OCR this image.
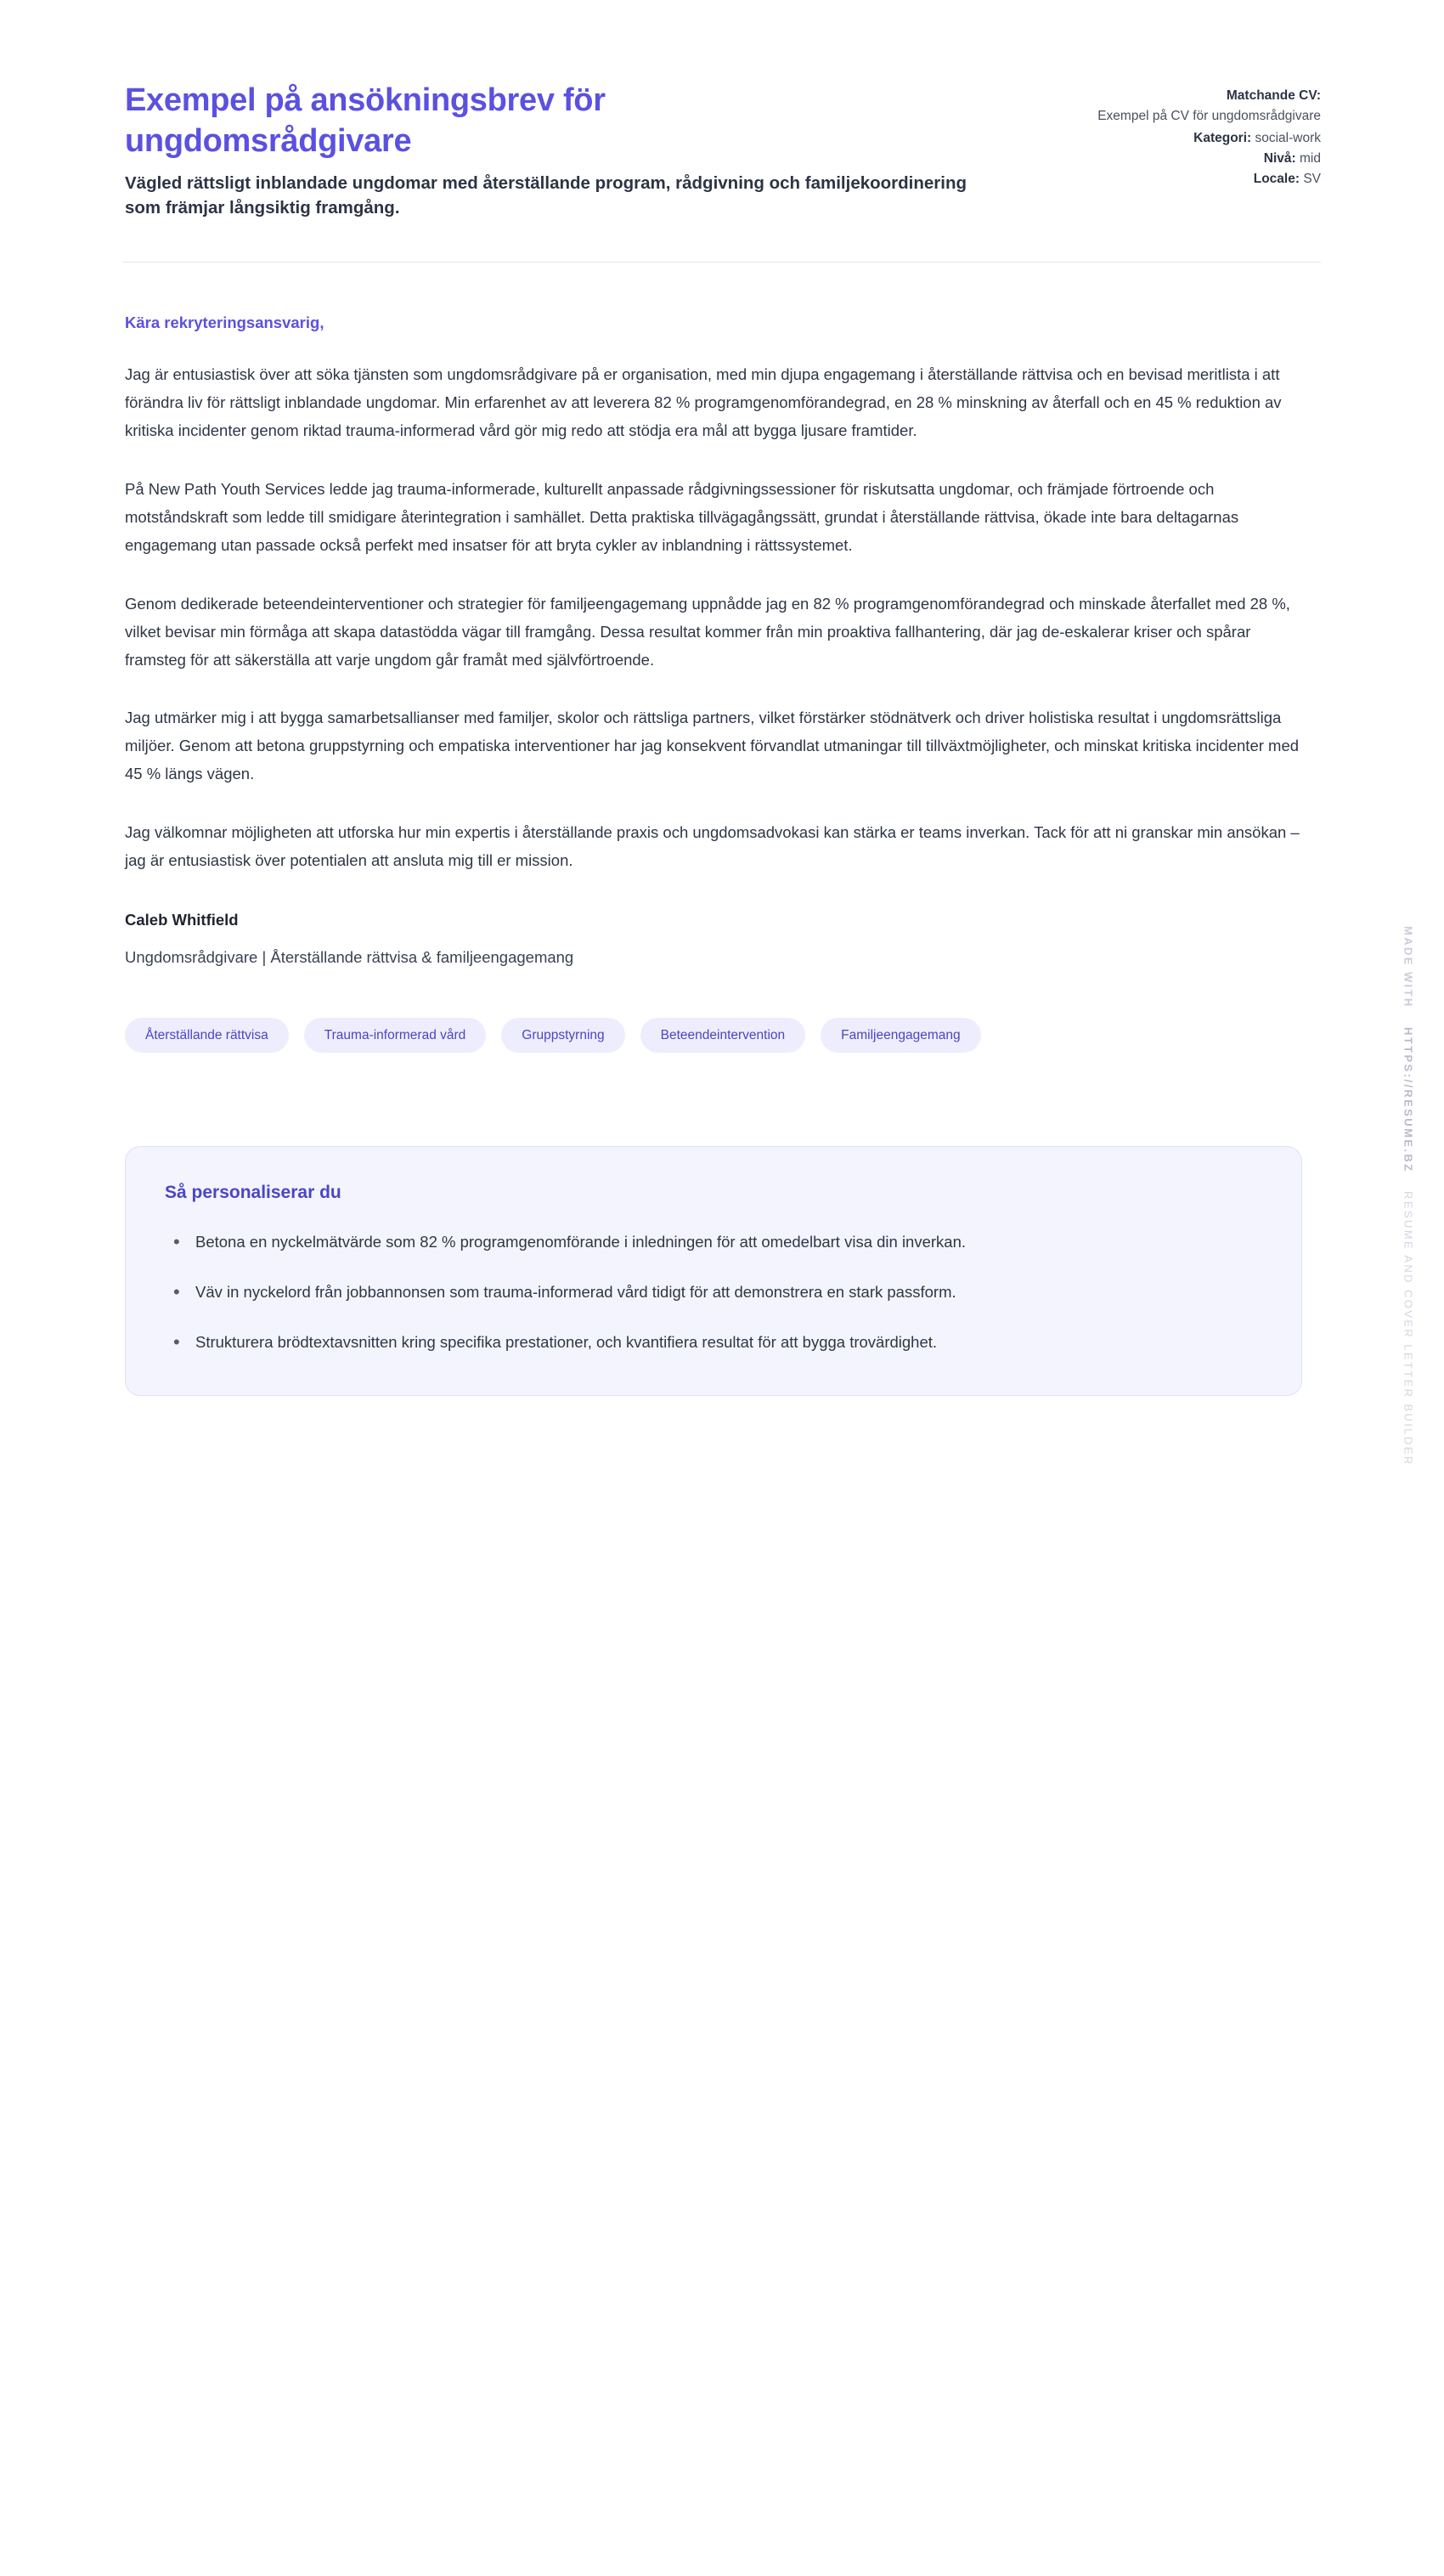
Exempel på ansökningsbrev för ungdomsrådgivare

Vägled rättsligt inblandade ungdomar med återställande program, rådgivning och familjekoordinering som främjar långsiktig framgång.

Matchande CV:
Exempel på CV för ungdomsrådgivare
Kategori: social-work
Nivå: mid
Locale: SV

Kära rekryteringsansvarig,

Jag är entusiastisk över att söka tjänsten som ungdomsrådgivare på er organisation, med min djupa engagemang i återställande rättvisa och en bevisad meritlista i att förändra liv för rättsligt inblandade ungdomar. Min erfarenhet av att leverera 82 % programgenomförandegrad, en 28 % minskning av återfall och en 45 % reduktion av kritiska incidenter genom riktad trauma-informerad vård gör mig redo att stödja era mål att bygga ljusare framtider.

På New Path Youth Services ledde jag trauma-informerade, kulturellt anpassade rådgivningssessioner för riskutsatta ungdomar, och främjade förtroende och motståndskraft som ledde till smidigare återintegration i samhället. Detta praktiska tillvägagångssätt, grundat i återställande rättvisa, ökade inte bara deltagarnas engagemang utan passade också perfekt med insatser för att bryta cykler av inblandning i rättssystemet.

Genom dedikerade beteendeinterventioner och strategier för familjeengagemang uppnådde jag en 82 % programgenomförandegrad och minskade återfallet med 28 %, vilket bevisar min förmåga att skapa datastödda vägar till framgång. Dessa resultat kommer från min proaktiva fallhantering, där jag de-eskalerar kriser och spårar framsteg för att säkerställa att varje ungdom går framåt med självförtroende.

Jag utmärker mig i att bygga samarbetsallianser med familjer, skolor och rättsliga partners, vilket förstärker stödnätverk och driver holistiska resultat i ungdomsrättsliga miljöer. Genom att betona gruppstyrning och empatiska interventioner har jag konsekvent förvandlat utmaningar till tillväxtmöjligheter, och minskat kritiska incidenter med 45 % längs vägen.

Jag välkomnar möjligheten att utforska hur min expertis i återställande praxis och ungdomsadvokasi kan stärka er teams inverkan. Tack för att ni granskar min ansökan – jag är entusiastisk över potentialen att ansluta mig till er mission.

Caleb Whitfield

Ungdomsrådgivare | Återställande rättvisa & familjeengagemang

Återställande rättvisa	Trauma-informerad vård	Gruppstyrning	Beteendeintervention	Familjeengagemang
Så personaliserar du
• Betona en nyckelmätvärde som 82 % programgenomförande i inledningen för att omedelbart visa din inverkan.
• Väv in nyckelord från jobbannonsen som trauma-informerad vård tidigt för att demonstrera en stark passform.
• Strukturera brödtextavsnitten kring specifika prestationer, och kvantifiera resultat för att bygga trovärdighet.
MADE WITH
HTTPS://RESUME.BZ
RESUME AND COVER LETTER BUILDER
